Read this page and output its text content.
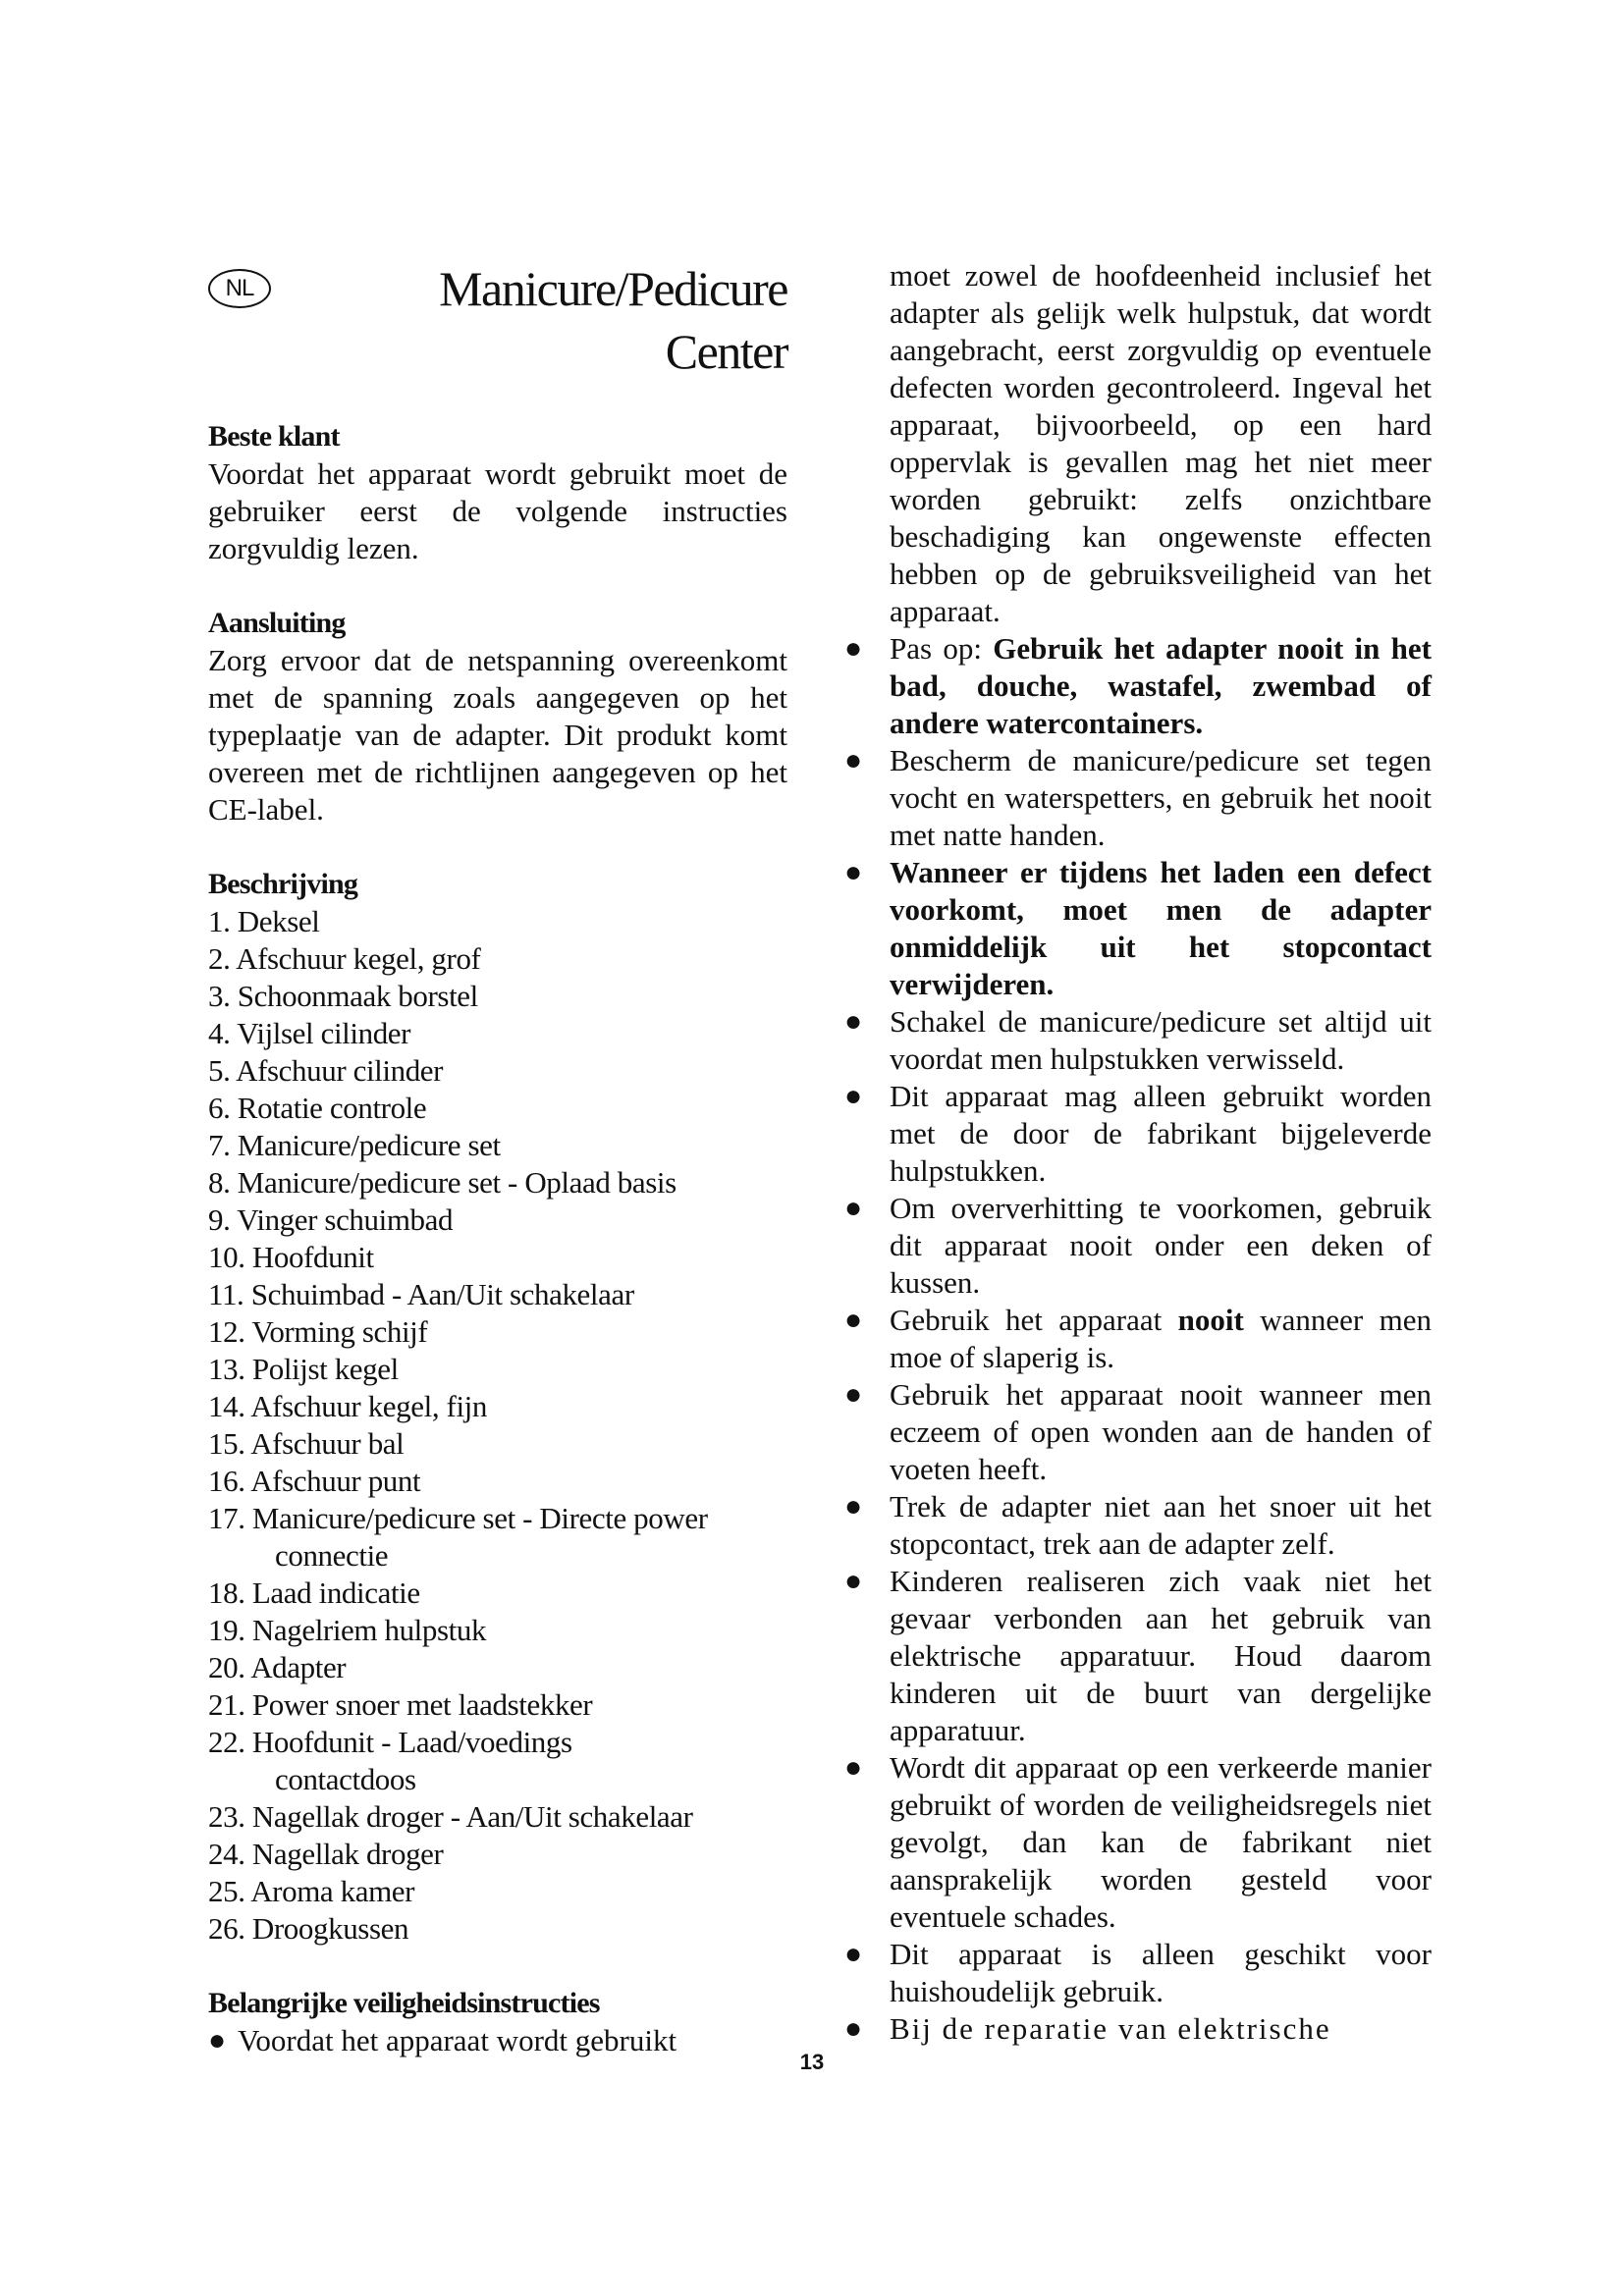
NL	Manicure/Pedicure
Center
Beste klant
Voordat het apparaat wordt gebruikt moet de gebruiker eerst de volgende instructies zorgvuldig lezen.
Aansluiting
Zorg ervoor dat de netspanning overeenkomt met de spanning zoals aangegeven op het typeplaatje van de adapter. Dit produkt komt overeen met de richtlijnen aangegeven op het CE-label.
Beschrijving
1. Deksel
2. Afschuur kegel, grof
3. Schoonmaak borstel
4. Vijlsel cilinder
5. Afschuur cilinder
6. Rotatie controle
7. Manicure/pedicure set
8. Manicure/pedicure set - Oplaad basis
9. Vinger schuimbad
10. Hoofdunit
11. Schuimbad - Aan/Uit schakelaar
12. Vorming schijf
13. Polijst kegel
14. Afschuur kegel, fijn
15. Afschuur bal
16. Afschuur punt
17. Manicure/pedicure set - Directe power
connectie
18. Laad indicatie
19. Nagelriem hulpstuk
20. Adapter
21. Power snoer met laadstekker
22. Hoofdunit - Laad/voedings
contactdoos
23. Nagellak droger - Aan/Uit schakelaar
24. Nagellak droger
25. Aroma kamer
26. Droogkussen
Belangrijke veiligheidsinstructies
● Voordat het apparaat wordt gebruikt
moet zowel de hoofdeenheid inclusief het adapter als gelijk welk hulpstuk, dat wordt aangebracht, eerst zorgvuldig op eventuele defecten worden gecontroleerd. Ingeval het apparaat, bijvoorbeeld, op een hard oppervlak is gevallen mag het niet meer worden gebruikt: zelfs onzichtbare beschadiging kan ongewenste effecten hebben op de gebruiksveiligheid van het apparaat.
● Pas op: Gebruik het adapter nooit in het bad, douche, wastafel, zwembad of andere watercontainers.
● Bescherm de manicure/pedicure set tegen vocht en waterspetters, en gebruik het nooit met natte handen.
● Wanneer er tijdens het laden een defect voorkomt, moet men de adapter onmiddelijk uit het stopcontact verwijderen.
● Schakel de manicure/pedicure set altijd uit voordat men hulpstukken verwisseld.
● Dit apparaat mag alleen gebruikt worden met de door de fabrikant bijgeleverde hulpstukken.
● Om oververhitting te voorkomen, gebruik dit apparaat nooit onder een deken of kussen.
● Gebruik het apparaat nooit wanneer men moe of slaperig is.
● Gebruik het apparaat nooit wanneer men eczeem of open wonden aan de handen of voeten heeft.
● Trek de adapter niet aan het snoer uit het stopcontact, trek aan de adapter zelf.
● Kinderen realiseren zich vaak niet het gevaar verbonden aan het gebruik van elektrische apparatuur. Houd daarom kinderen uit de buurt van dergelijke apparatuur.
● Wordt dit apparaat op een verkeerde manier gebruikt of worden de veiligheidsregels niet gevolgt, dan kan de fabrikant niet aansprakelijk worden gesteld voor eventuele schades.
● Dit apparaat is alleen geschikt voor huishoudelijk gebruik.
● Bij de reparatie van elektrische
13
